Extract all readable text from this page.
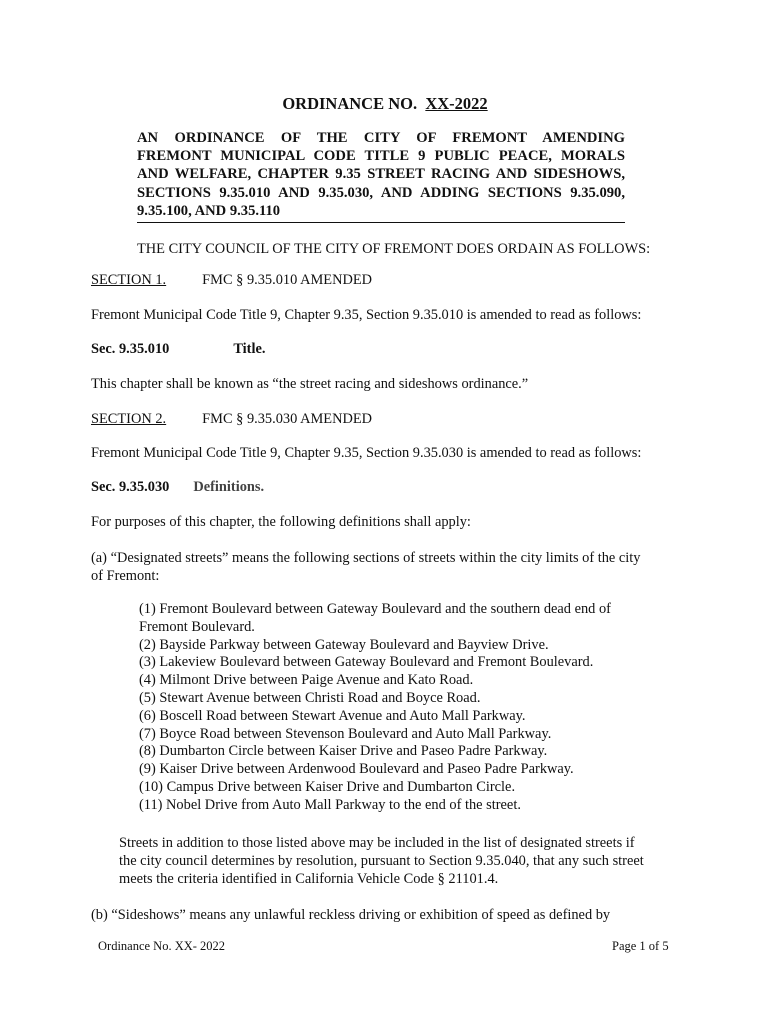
ORDINANCE NO. XX-2022
AN ORDINANCE OF THE CITY OF FREMONT AMENDING
FREMONT MUNICIPAL CODE TITLE 9 PUBLIC PEACE, MORALS
AND WELFARE, CHAPTER 9.35 STREET RACING AND SIDESHOWS,
SECTIONS 9.35.010 AND 9.35.030, AND ADDING SECTIONS 9.35.090,
9.35.100, AND 9.35.110
THE CITY COUNCIL OF THE CITY OF FREMONT DOES ORDAIN AS FOLLOWS:
SECTION 1.	FMC § 9.35.010 AMENDED
Fremont Municipal Code Title 9, Chapter 9.35, Section 9.35.010 is amended to read as follows:
Sec. 9.35.010	Title.
This chapter shall be known as “the street racing and sideshows ordinance.”
SECTION 2.	FMC § 9.35.030 AMENDED
Fremont Municipal Code Title 9, Chapter 9.35, Section 9.35.030 is amended to read as follows:
Sec. 9.35.030 Definitions.
For purposes of this chapter, the following definitions shall apply:
(a) “Designated streets” means the following sections of streets within the city limits of the city
of Fremont:
(1) Fremont Boulevard between Gateway Boulevard and the southern dead end of
Fremont Boulevard.
(2) Bayside Parkway between Gateway Boulevard and Bayview Drive.
(3) Lakeview Boulevard between Gateway Boulevard and Fremont Boulevard.
(4) Milmont Drive between Paige Avenue and Kato Road.
(5) Stewart Avenue between Christi Road and Boyce Road.
(6) Boscell Road between Stewart Avenue and Auto Mall Parkway.
(7) Boyce Road between Stevenson Boulevard and Auto Mall Parkway.
(8) Dumbarton Circle between Kaiser Drive and Paseo Padre Parkway.
(9) Kaiser Drive between Ardenwood Boulevard and Paseo Padre Parkway.
(10) Campus Drive between Kaiser Drive and Dumbarton Circle.
(11) Nobel Drive from Auto Mall Parkway to the end of the street.
Streets in addition to those listed above may be included in the list of designated streets if
the city council determines by resolution, pursuant to Section 9.35.040, that any such street
meets the criteria identified in California Vehicle Code § 21101.4.
(b) “Sideshows” means any unlawful reckless driving or exhibition of speed as defined by
Ordinance No. XX- 2022	Page 1 of 5
